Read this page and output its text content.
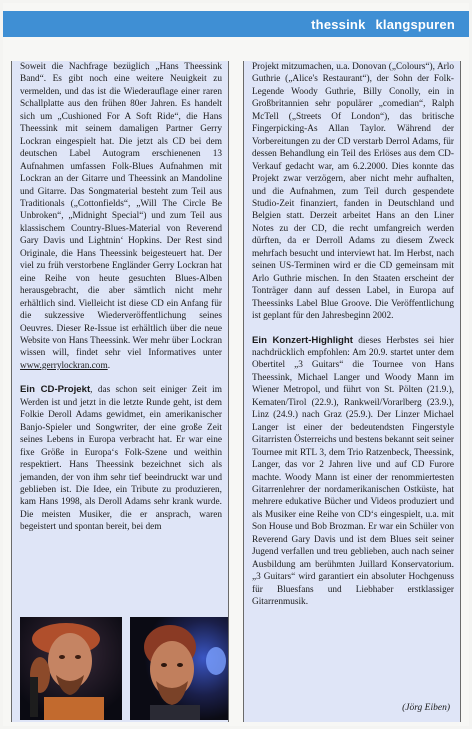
thessink klangspuren

Soweit die Nachfrage bezüglich „Hans Theessink Band“. Es gibt noch eine weitere Neuigkeit zu vermelden, und das ist die Wiederauflage einer raren Schallplatte aus den frühen 80er Jahren. Es handelt sich um „Cushioned For A Soft Ride“, die Hans Theessink mit seinem damaligen Partner Gerry Lockran eingespielt hat. Die jetzt als CD bei dem deutschen Label Autogram erschienenen 13 Aufnahmen umfassen Folk-Blues Aufnahmen mit Lockran an der Gitarre und Theessink an Mandoline und Gitarre. Das Songmaterial besteht zum Teil aus Traditionals („Cottonfields“, „Will The Circle Be Unbroken“, „Midnight Special“) und zum Teil aus klassischem Country-Blues-Material von Reverend Gary Davis und Lightnin‘ Hopkins. Der Rest sind Originale, die Hans Theessink beigesteuert hat. Der viel zu früh verstorbene Engländer Gerry Lockran hat eine Reihe von heute gesuchten Blues-Alben herausgebracht, die aber sämtlich nicht mehr erhältlich sind. Vielleicht ist diese CD ein Anfang für die sukzessive Wiederveröffentlichung seines Oeuvres. Dieser Re-Issue ist erhältlich über die neue Website von Hans Theessink. Wer mehr über Lockran wissen will, findet sehr viel Informatives unter www.gerrylockran.com.

Ein CD-Projekt, das schon seit einiger Zeit im Werden ist und jetzt in die letzte Runde geht, ist dem Folkie Deroll Adams gewidmet, ein amerikanischer Banjo-Spieler und Songwriter, der eine große Zeit seines Lebens in Europa verbracht hat. Er war eine fixe Größe in Europa‘s Folk-Szene und weithin respektiert. Hans Theessink bezeichnet sich als jemanden, der von ihm sehr tief beeindruckt war und geblieben ist. Die Idee, ein Tribute zu produzieren, kam Hans 1998, als Deroll Adams sehr krank wurde. Die meisten Musiker, die er ansprach, waren begeistert und spontan bereit, bei dem

Projekt mitzumachen, u.a. Donovan („Colours“), Arlo Guthrie („Alice's Restaurant“), der Sohn der Folk-Legende Woody Guthrie, Billy Conolly, ein in Großbritannien sehr populärer „comedian“, Ralph McTell („Streets Of London“), das britische Fingerpicking-As Allan Taylor. Während der Vorbereitungen zu der CD verstarb Derrol Adams, für dessen Behandlung ein Teil des Erlöses aus dem CD-Verkauf gedacht war, am 6.2.2000. Dies konnte das Projekt zwar verzögern, aber nicht mehr aufhalten, und die Aufnahmen, zum Teil durch gespendete Studio-Zeit finanziert, fanden in Deutschland und Belgien statt. Derzeit arbeitet Hans an den Liner Notes zu der CD, die recht umfangreich werden dürften, da er Derroll Adams zu diesem Zweck mehrfach besucht und interviewt hat. Im Herbst, nach seinen US-Terminen wird er die CD gemeinsam mit Arlo Guthrie mischen. In den Staaten erscheint der Tonträger dann auf dessen Label, in Europa auf Theessinks Label Blue Groove. Die Veröffentlichung ist geplant für den Jahresbeginn 2002.

Ein Konzert-Highlight dieses Herbstes sei hier nachdrücklich empfohlen: Am 20.9. startet unter dem Obertitel „3 Guitars“ die Tournee von Hans Theessink, Michael Langer und Woody Mann im Wiener Metropol, und führt von St. Pölten (21.9.), Kematen/Tirol (22.9.), Rankweil/Vorarlberg (23.9.), Linz (24.9.) nach Graz (25.9.). Der Linzer Michael Langer ist einer der bedeutendsten Fingerstyle Gitarristen Österreichs und bestens bekannt seit seiner Tournee mit RTL 3, dem Trio Ratzenbeck, Theessink, Langer, das vor 2 Jahren live und auf CD Furore machte. Woody Mann ist einer der renommiertesten Gitarrenlehrer der nordamerikanischen Ostküste, hat mehrere edukative Bücher und Videos produziert und als Musiker eine Reihe von CD‘s eingespielt, u.a. mit Son House und Bob Brozman. Er war ein Schüler von Reverend Gary Davis und ist dem Blues seit seiner Jugend verfallen und treu geblieben, auch nach seiner Ausbildung am berühmten Juillard Konservatorium. „3 Guitars“ wird garantiert ein absoluter Hochgenuss für Bluesfans und Liebhaber erstklassiger Gitarrenmusik.

(Jörg Eiben)
